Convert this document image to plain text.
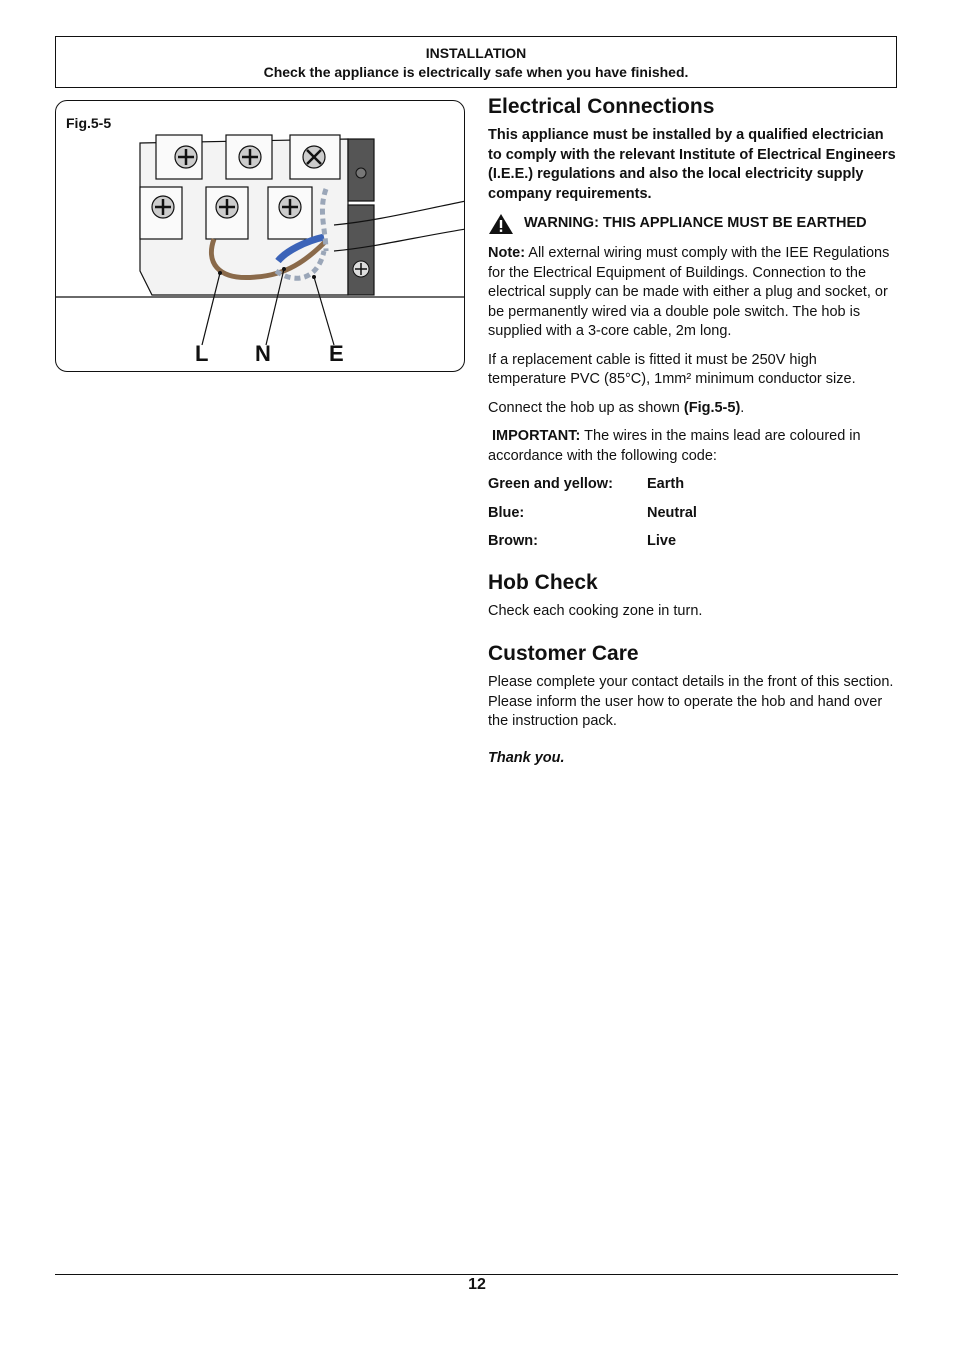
INSTALLATION
Check the appliance is electrically safe when you have finished.
Fig.5-5
L N	E
Electrical Connections

This appliance must be installed by a qualified electrician to comply with the relevant Institute of Electrical Engineers (I.E.E.) regulations and also the local electricity supply company requirements.

WARNING: THIS APPLIANCE MUST BE EARTHED

Note: All external wiring must comply with the IEE Regulations for the Electrical Equipment of Buildings. Connection to the electrical supply can be made with either a plug and socket, or be permanently wired via a double pole switch. The hob is supplied with a 3-core cable, 2m long.

If a replacement cable is fitted it must be 250V high temperature PVC (85°C), 1mm² minimum conductor size.

Connect the hob up as shown (Fig.5-5).

IMPORTANT: The wires in the mains lead are coloured in accordance with the following code:

Green and yellow:	Earth
Blue:	Neutral
Brown:	Live
Hob Check

Check each cooking zone in turn.

Customer Care

Please complete your contact details in the front of this section. Please inform the user how to operate the hob and hand over the instruction pack.

Thank you.

12
